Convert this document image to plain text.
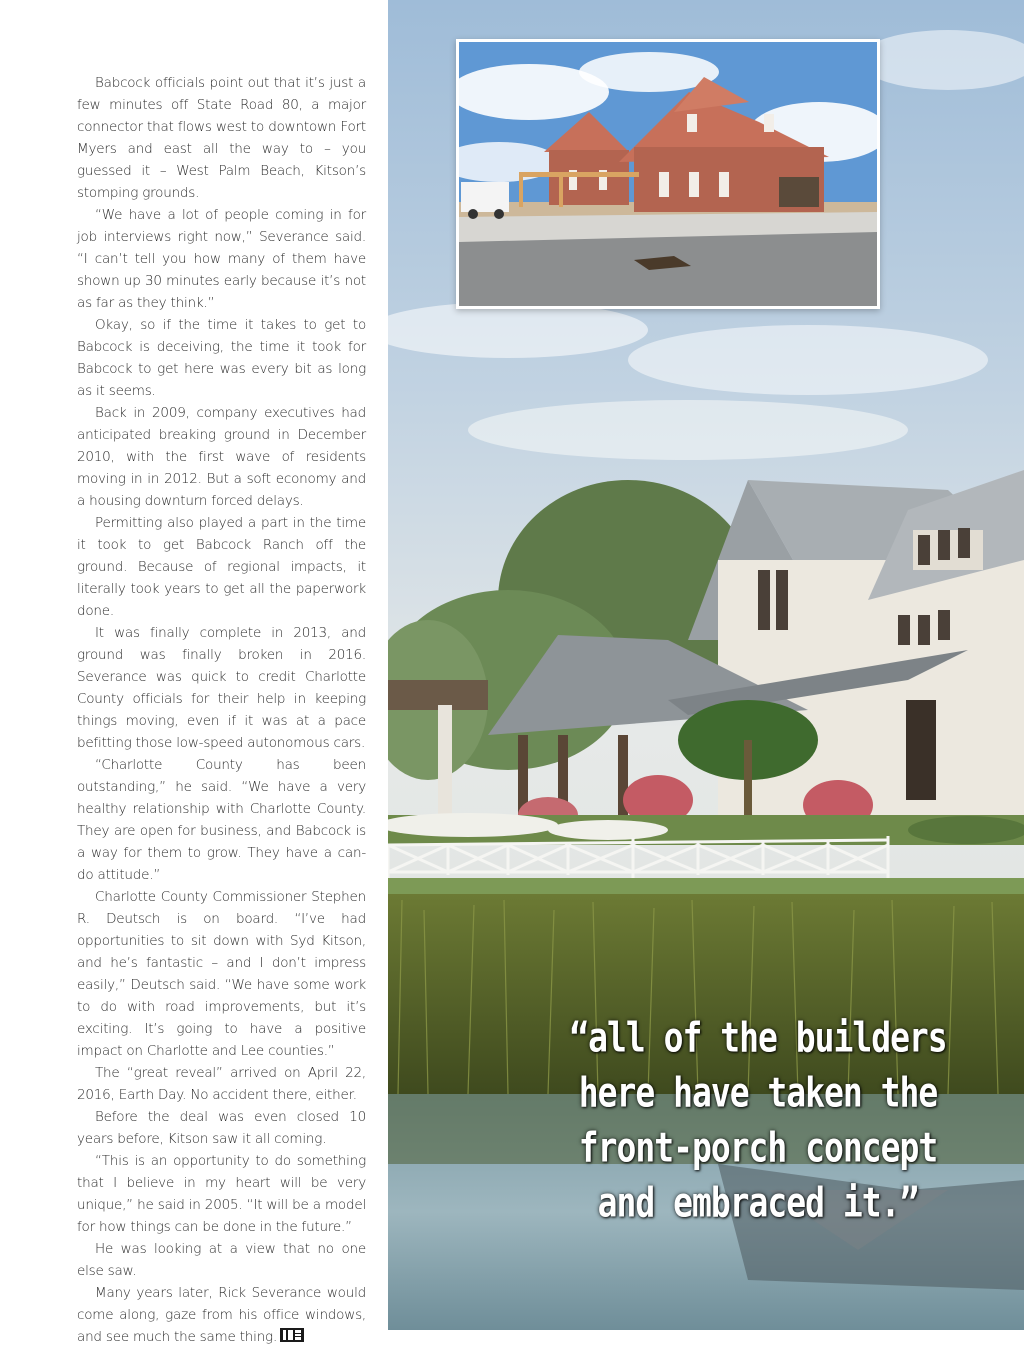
Babcock officials point out that it’s just a few minutes off State Road 80, a major connector that flows west to downtown Fort Myers and east all the way to – you guessed it – West Palm Beach, Kitson’s stomping grounds.

“We have a lot of people coming in for job interviews right now,” Severance said. “I can’t tell you how many of them have shown up 30 minutes early because it’s not as far as they think.”

Okay, so if the time it takes to get to Babcock is deceiving, the time it took for Babcock to get here was every bit as long as it seems.

Back in 2009, company executives had anticipated breaking ground in December 2010, with the first wave of residents moving in in 2012. But a soft economy and a housing downturn forced delays.

Permitting also played a part in the time it took to get Babcock Ranch off the ground. Because of regional impacts, it literally took years to get all the paperwork done.

It was finally complete in 2013, and ground was finally broken in 2016. Severance was quick to credit Charlotte County officials for their help in keeping things moving, even if it was at a pace befitting those low-speed autonomous cars.

“Charlotte County has been outstanding,” he said. “We have a very healthy relationship with Charlotte County. They are open for business, and Babcock is a way for them to grow. They have a can-do attitude.”

Charlotte County Commissioner Stephen R. Deutsch is on board. “I’ve had opportunities to sit down with Syd Kitson, and he’s fantastic – and I don’t impress easily,” Deutsch said. “We have some work to do with road improvements, but it’s exciting. It’s going to have a positive impact on Charlotte and Lee counties.”

The “great reveal” arrived on April 22, 2016, Earth Day. No accident there, either.

Before the deal was even closed 10 years before, Kitson saw it all coming.

“This is an opportunity to do something that I believe in my heart will be very unique,” he said in 2005. “It will be a model for how things can be done in the future.”

He was looking at a view that no one else saw.

Many years later, Rick Severance would come along, gaze from his office windows, and see much the same thing.

“all of the builders here have taken the front-porch concept and embraced it.”
